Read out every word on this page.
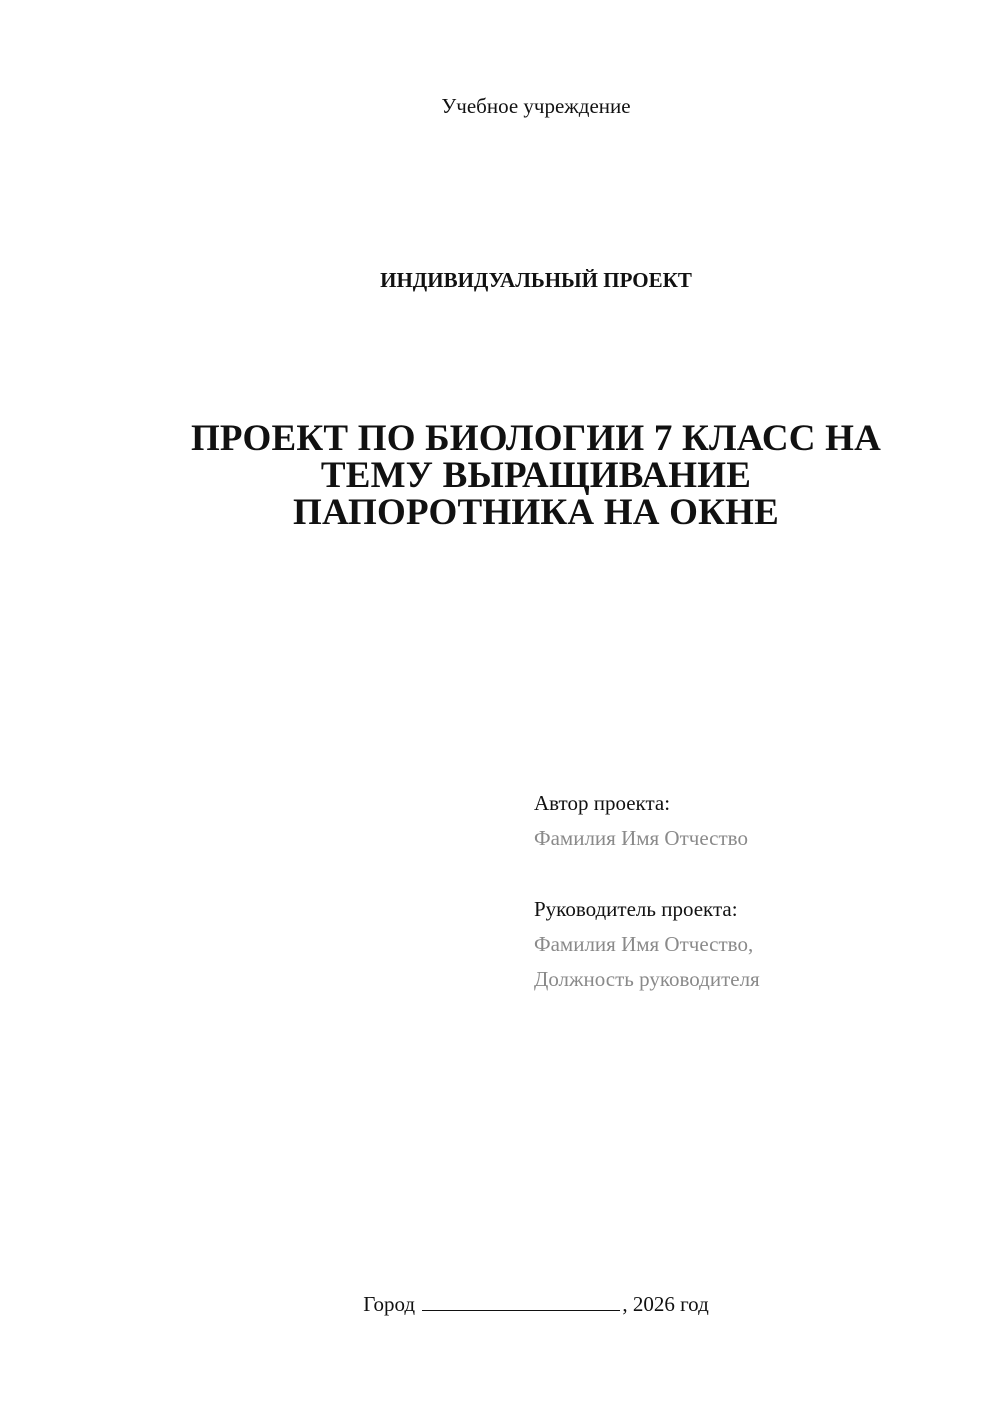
Учебное учреждение
ИНДИВИДУАЛЬНЫЙ ПРОЕКТ
ПРОЕКТ ПО БИОЛОГИИ 7 КЛАСС НА
ТЕМУ ВЫРАЩИВАНИЕ
ПАПОРОТНИКА НА ОКНЕ
Автор проекта:
Фамилия Имя Отчество
Руководитель проекта:
Фамилия Имя Отчество,
Должность руководителя
Город	, 2026 год
